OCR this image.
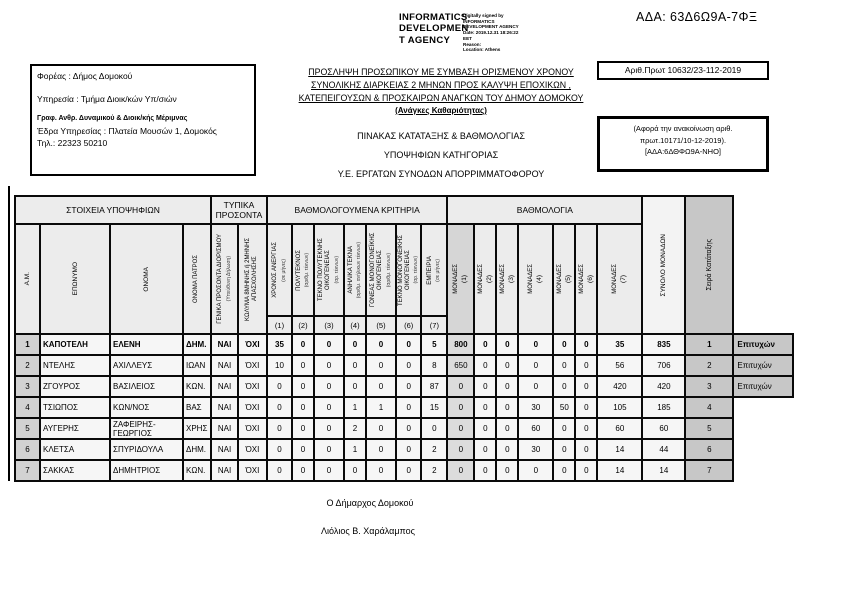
INFORMATICS
DEVELOPMEN
T AGENCY
Digitally signed by
INFORMATICS
DEVELOPMENT AGENCY
Date: 2019.12.31 18:26:22
EET
Reason:
Location: Athens
ΑΔΑ: 63Δ6Ω9Α-7ΦΞ
Φορέας : Δήμος Δομοκού
Υπηρεσία : Τμήμα Διοικ/κών Υπ/σιών
Γραφ. Ανθρ. Δυναμικού & Διοικ/κής Μέριμνας
Έδρα Υπηρεσίας : Πλατεία Μουσών 1, Δομοκός
Τηλ.: 22323 50210
ΠΡΟΣΛΗΨΗ ΠΡΟΣΩΠΙΚΟΥ ΜΕ ΣΥΜΒΑΣΗ ΟΡΙΣΜΕΝΟΥ ΧΡΟΝΟΥ
ΣΥΝΟΛΙΚΗΣ ΔΙΑΡΚΕΙΑΣ 2 ΜΗΝΩΝ ΠΡΟΣ ΚΑΛΥΨΗ ΕΠΟΧΙΚΩΝ ,
ΚΑΤΕΠΕΙΓΟΥΣΩΝ & ΠΡΟΣΚΑΙΡΩΝ ΑΝΑΓΚΩΝ ΤΟΥ ΔΗΜΟΥ ΔΟΜΟΚΟΥ
(Ανάγκες Καθαριότητας)
ΠΙΝΑΚΑΣ ΚΑΤΑΤΑΞΗΣ & ΒΑΘΜΟΛΟΓΙΑΣ
ΥΠΟΨΗΦΙΩΝ ΚΑΤΗΓΟΡΙΑΣ
Υ.Ε. ΕΡΓΑΤΩΝ ΣΥΝΟΔΩΝ ΑΠΟΡΡΙΜΜΑΤΟΦΟΡΟΥ
Αριθ.Πρωτ 10632/23-112-2019
(Αφορά την ανακοίνωση αριθ.
πρωτ.10171/10-12-2019).
[ΑΔΑ:6ΔΘΦΩ9Α-ΝΗΟ]
ΣΤΟΙΧΕΙΑ ΥΠΟΨΗΦΙΩΝ				ΤΥΠΙΚΑ ΠΡΟΣΟΝΤΑ		ΒΑΘΜΟΛΟΓΟΥΜΕΝΑ ΚΡΙΤΗΡΙΑ							ΒΑΘΜΟΛΟΓΙΑ							ΣΥΝΟΛΟ ΜΟΝΑΔΩΝ	Σειρά Κατάταξης	

Α.Μ.	ΕΠΩΝΥΜΟ	ΟΝΟΜΑ	ΟΝΟΜΑ ΠΑΤΡΟΣ	ΓΕΝΙΚΑ ΠΡΟΣΟΝΤΑ ΔΙΟΡΙΣΜΟΥ (Υπεύθυνη Δήλωση)	ΚΩΛΥΜΑ 8ΜΗΝΗΣ ή 2ΜΗΝΗΣ ΑΠΑΣΧΟΛΗΣΗΣ	ΧΡΟΝΟΣ ΑΝΕΡΓΙΑΣ (σε μήνες)	ΠΟΛΥΤΕΚΝΟΣ (αριθμ. τέκνων)	ΤΕΚΝΟ ΠΟΛΥΤΕΚΝΗΣ ΟΙΚΟΓΕΝΕΙΑΣ (αρ. τέκνων)	ΑΝΗΛΙΚΑ ΤΕΚΝΑ (αριθμ. ανήλικων τέκνων)	ΓΟΝΕΑΣ ΜΟΝΟΓΟΝΕΪΚΗΣ ΟΙΚΟΓΕΝΕΙΑΣ (αριθμ. τέκνων)	ΤΕΚΝΟ ΜΟΝΟΓΟΝΕΪΚΗΣ ΟΙΚΟΓΕΝΕΙΑΣ (αρ. τέκνων)	ΕΜΠΕΙΡΙΑ (σε μήνες)	ΜΟΝΑΔΕΣ (1)	ΜΟΝΑΔΕΣ (2)	ΜΟΝΑΔΕΣ (3)	ΜΟΝΑΔΕΣ (4)	ΜΟΝΑΔΕΣ (5)	ΜΟΝΑΔΕΣ (6)	ΜΟΝΑΔΕΣ (7)			

						(1)	(2)	(3)	(4)	(5)	(6)	(7)										
1	ΚΑΠΟΤΕΛΗ	ΕΛΕΝΗ	ΔΗΜ.	ΝΑΙ	ΌΧΙ	35	0	0	0	0	0	5	800	0	0	0	0	0	35	835	1	Επιτυχών
2	ΝΤΕΛΗΣ	ΑΧΙΛΛΕΥΣ	ΙΩΑΝ	ΝΑΙ	ΌΧΙ	10	0	0	0	0	0	8	650	0	0	0	0	0	56	706	2	Επιτυχών
3	ΖΓΟΥΡΟΣ	ΒΑΣΙΛΕΙΟΣ	ΚΩΝ.	ΝΑΙ	ΌΧΙ	0	0	0	0	0	0	87	0	0	0	0	0	0	420	420	3	Επιτυχών
4	ΤΣΙΩΠΟΣ	ΚΩΝ/ΝΟΣ	ΒΑΣ	ΝΑΙ	ΌΧΙ	0	0	0	1	1	0	15	0	0	0	30	50	0	105	185	4	
5	ΑΥΓΕΡΗΣ	ΖΑΦΕΙΡΗΣ-ΓΕΩΡΓΙΟΣ	ΧΡΗΣ	ΝΑΙ	ΌΧΙ	0	0	0	2	0	0	0	0	0	0	60	0	0	60	60	5	
6	ΚΛΕΤΣΑ	ΣΠΥΡΙΔΟΥΛΑ	ΔΗΜ.	ΝΑΙ	ΌΧΙ	0	0	0	1	0	0	2	0	0	0	30	0	0	14	44	6	
7	ΣΑΚΚΑΣ	ΔΗΜΗΤΡΙΟΣ	ΚΩΝ.	ΝΑΙ	ΌΧΙ	0	0	0	0	0	0	2	0	0	0	0	0	0	14	14	7	
Ο Δήμαρχος Δομοκού
Λιόλιος Β. Χαράλαμπος
